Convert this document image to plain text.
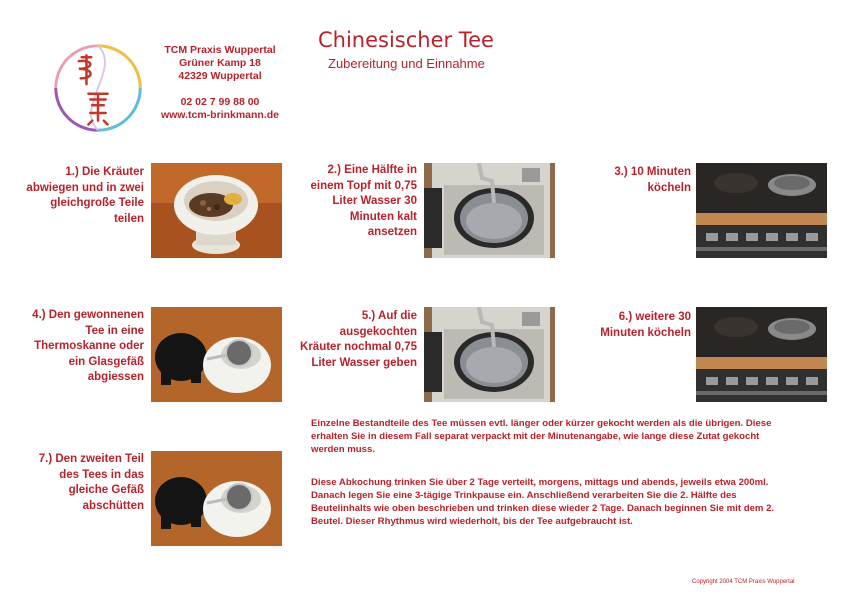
TCM Praxis Wuppertal
Grüner Kamp 18
42329 Wuppertal
02 02 7 99 88 00
www.tcm-brinkmann.de
Chinesischer Tee
Zubereitung und Einnahme
1.) Die Kräuter abwiegen und in zwei gleichgroße Teile teilen
2.) Eine Hälfte in einem Topf mit 0,75 Liter Wasser 30 Minuten kalt ansetzen
3.) 10 Minuten köcheln
4.) Den gewonnenen Tee in eine Thermoskanne oder ein Glasgefäß abgiessen
5.) Auf die ausgekochten Kräuter nochmal 0,75 Liter Wasser geben
6.) weitere 30 Minuten köcheln
7.) Den zweiten Teil des Tees in das gleiche Gefäß abschütten
Einzelne Bestandteile des Tee müssen evtl. länger oder kürzer gekocht werden als die übrigen. Diese erhalten Sie in diesem Fall separat verpackt mit der Minutenangabe, wie lange diese Zutat gekocht werden muss.
Diese Abkochung trinken Sie über 2 Tage verteilt, morgens, mittags und abends, jeweils etwa 200ml. Danach legen Sie eine 3-tägige Trinkpause ein. Anschließend verarbeiten Sie die 2. Hälfte des Beutelinhalts wie oben beschrieben und trinken diese wieder 2 Tage. Danach beginnen Sie mit dem 2. Beutel. Dieser Rhythmus wird wiederholt, bis der Tee aufgebraucht ist.
Copyright 2004 TCM Praxis Wuppertal
